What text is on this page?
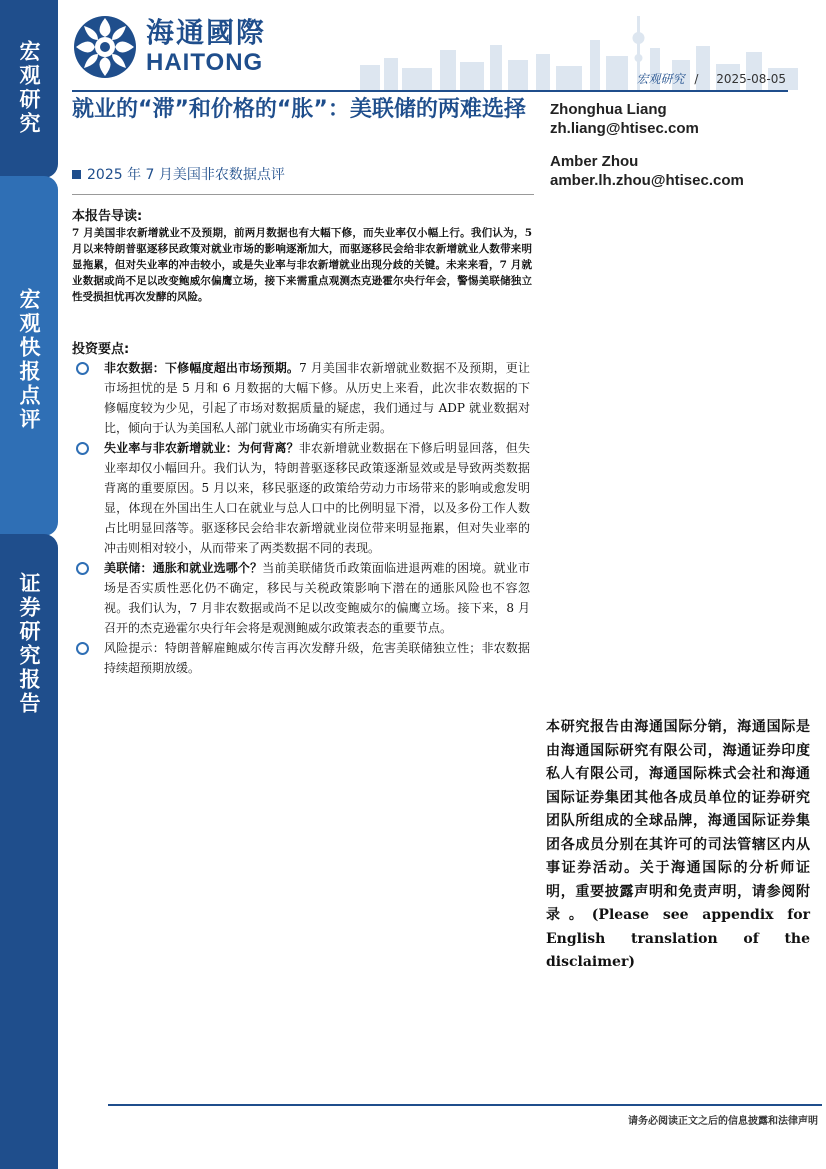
宏观研究
宏观快报点评
证券研究报告
海通國際
HAITONG
宏观研究 / 2025-08-05
就业的“滞”和价格的“胀”：美联储的两难选择
2025 年 7 月美国非农数据点评
Zhonghua Liang
zh.liang@htisec.com
Amber Zhou
amber.lh.zhou@htisec.com
本报告导读:
7 月美国非农新增就业不及预期，前两月数据也有大幅下修，而失业率仅小幅上行。我们认为，5 月以来特朗普驱逐移民政策对就业市场的影响逐渐加大，而驱逐移民会给非农新增就业人数带来明显拖累，但对失业率的冲击较小，或是失业率与非农新增就业出现分歧的关键。未来来看，7 月就业数据或尚不足以改变鲍威尔偏鹰立场，接下来需重点观测杰克逊霍尔央行年会，警惕美联储独立性受损担忧再次发酵的风险。
投资要点:
非农数据：下修幅度超出市场预期。7 月美国非农新增就业数据不及预期，更让市场担忧的是 5 月和 6 月数据的大幅下修。从历史上来看，此次非农数据的下修幅度较为少见，引起了市场对数据质量的疑虑，我们通过与 ADP 就业数据对比，倾向于认为美国私人部门就业市场确实有所走弱。
失业率与非农新增就业：为何背离？非农新增就业数据在下修后明显回落，但失业率却仅小幅回升。我们认为，特朗普驱逐移民政策逐渐显效或是导致两类数据背离的重要原因。5 月以来，移民驱逐的政策给劳动力市场带来的影响或愈发明显，体现在外国出生人口在就业与总人口中的比例明显下滑，以及多份工作人数占比明显回落等。驱逐移民会给非农新增就业岗位带来明显拖累，但对失业率的冲击则相对较小，从而带来了两类数据不同的表现。
美联储：通胀和就业选哪个？当前美联储货币政策面临进退两难的困境。就业市场是否实质性恶化仍不确定，移民与关税政策影响下潜在的通胀风险也不容忽视。我们认为，7 月非农数据或尚不足以改变鲍威尔的偏鹰立场。接下来，8 月召开的杰克逊霍尔央行年会将是观测鲍威尔政策表态的重要节点。
风险提示：特朗普解雇鲍威尔传言再次发酵升级，危害美联储独立性；非农数据持续超预期放缓。
本研究报告由海通国际分销，海通国际是由海通国际研究有限公司，海通证券印度私人有限公司，海通国际株式会社和海通国际证券集团其他各成员单位的证券研究团队所组成的全球品牌，海通国际证券集团各成员分别在其许可的司法管辖区内从事证券活动。关于海通国际的分析师证明，重要披露声明和免责声明，请参阅附录。(Please see appendix for English translation of the disclaimer)
请务必阅读正文之后的信息披露和法律声明
